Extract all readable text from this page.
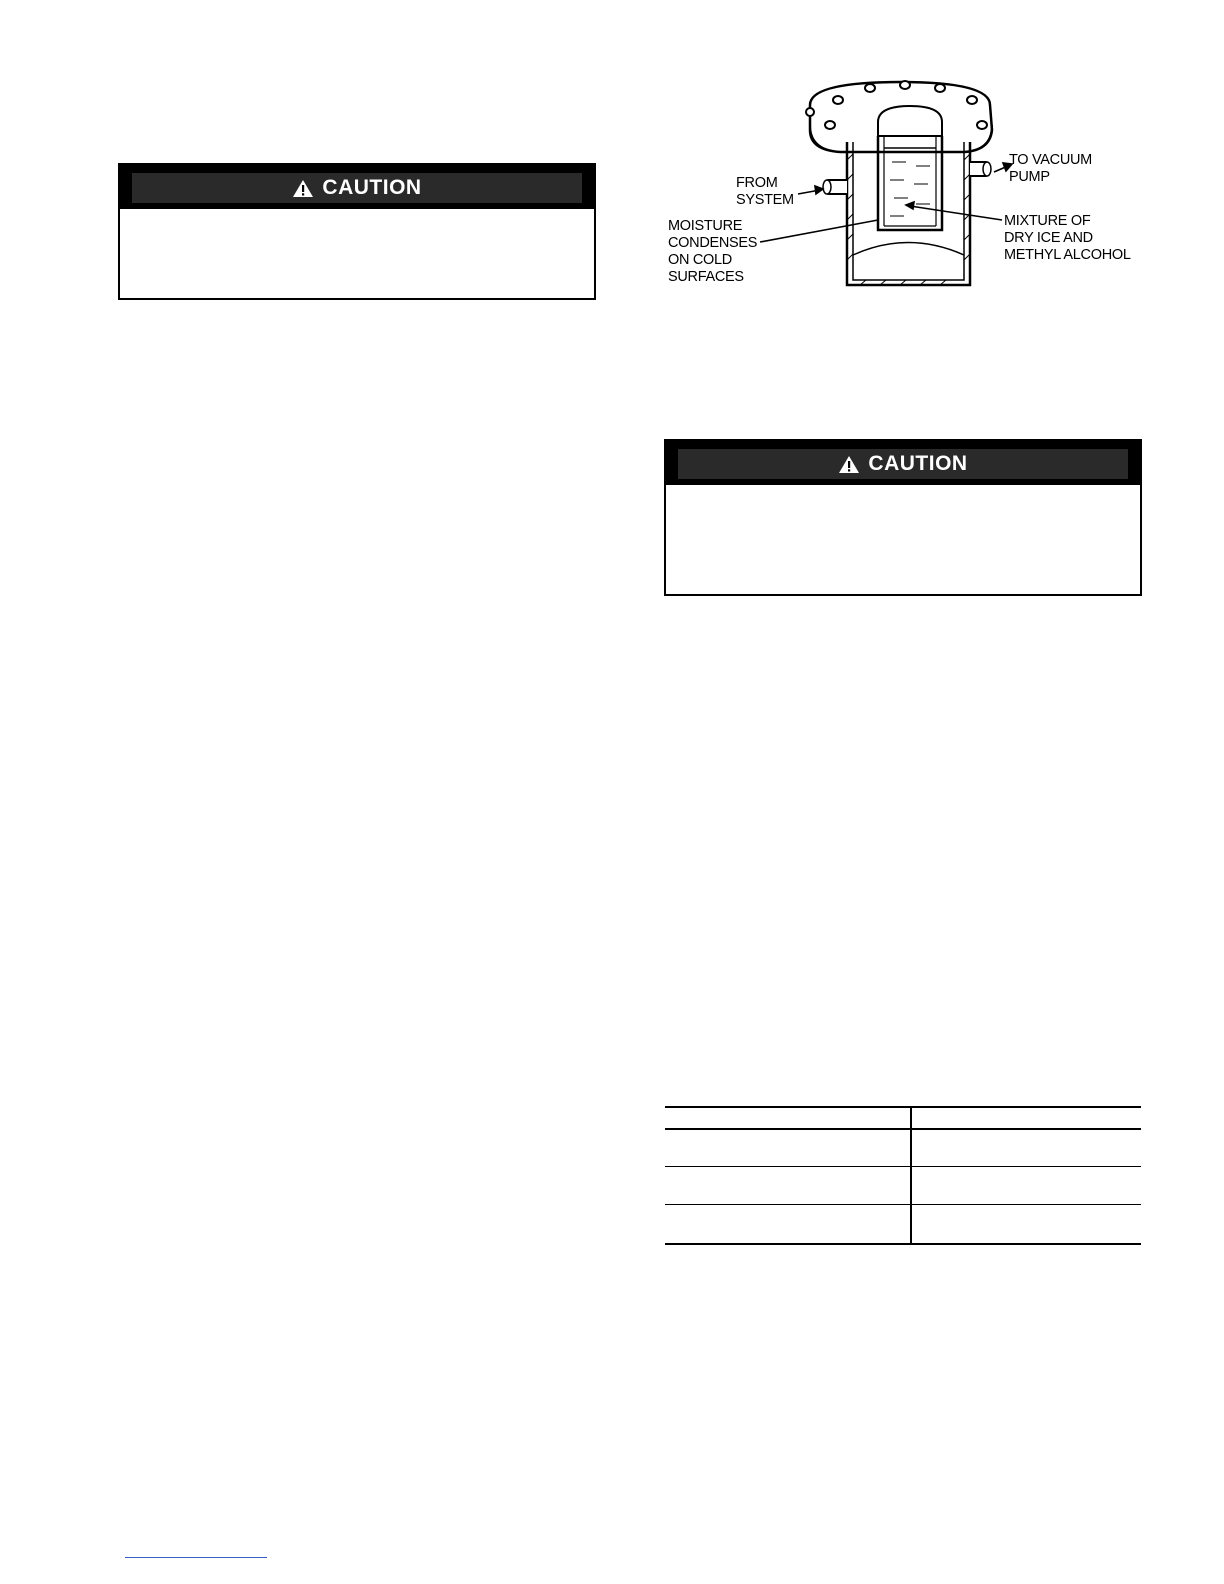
CAUTION	FROM SYSTEM
TO VACUUM PUMP
MOISTURE CONDENSES ON COLD SURFACES
MIXTURE OF DRY ICE AND METHYL ALCOHOL
CAUTION
